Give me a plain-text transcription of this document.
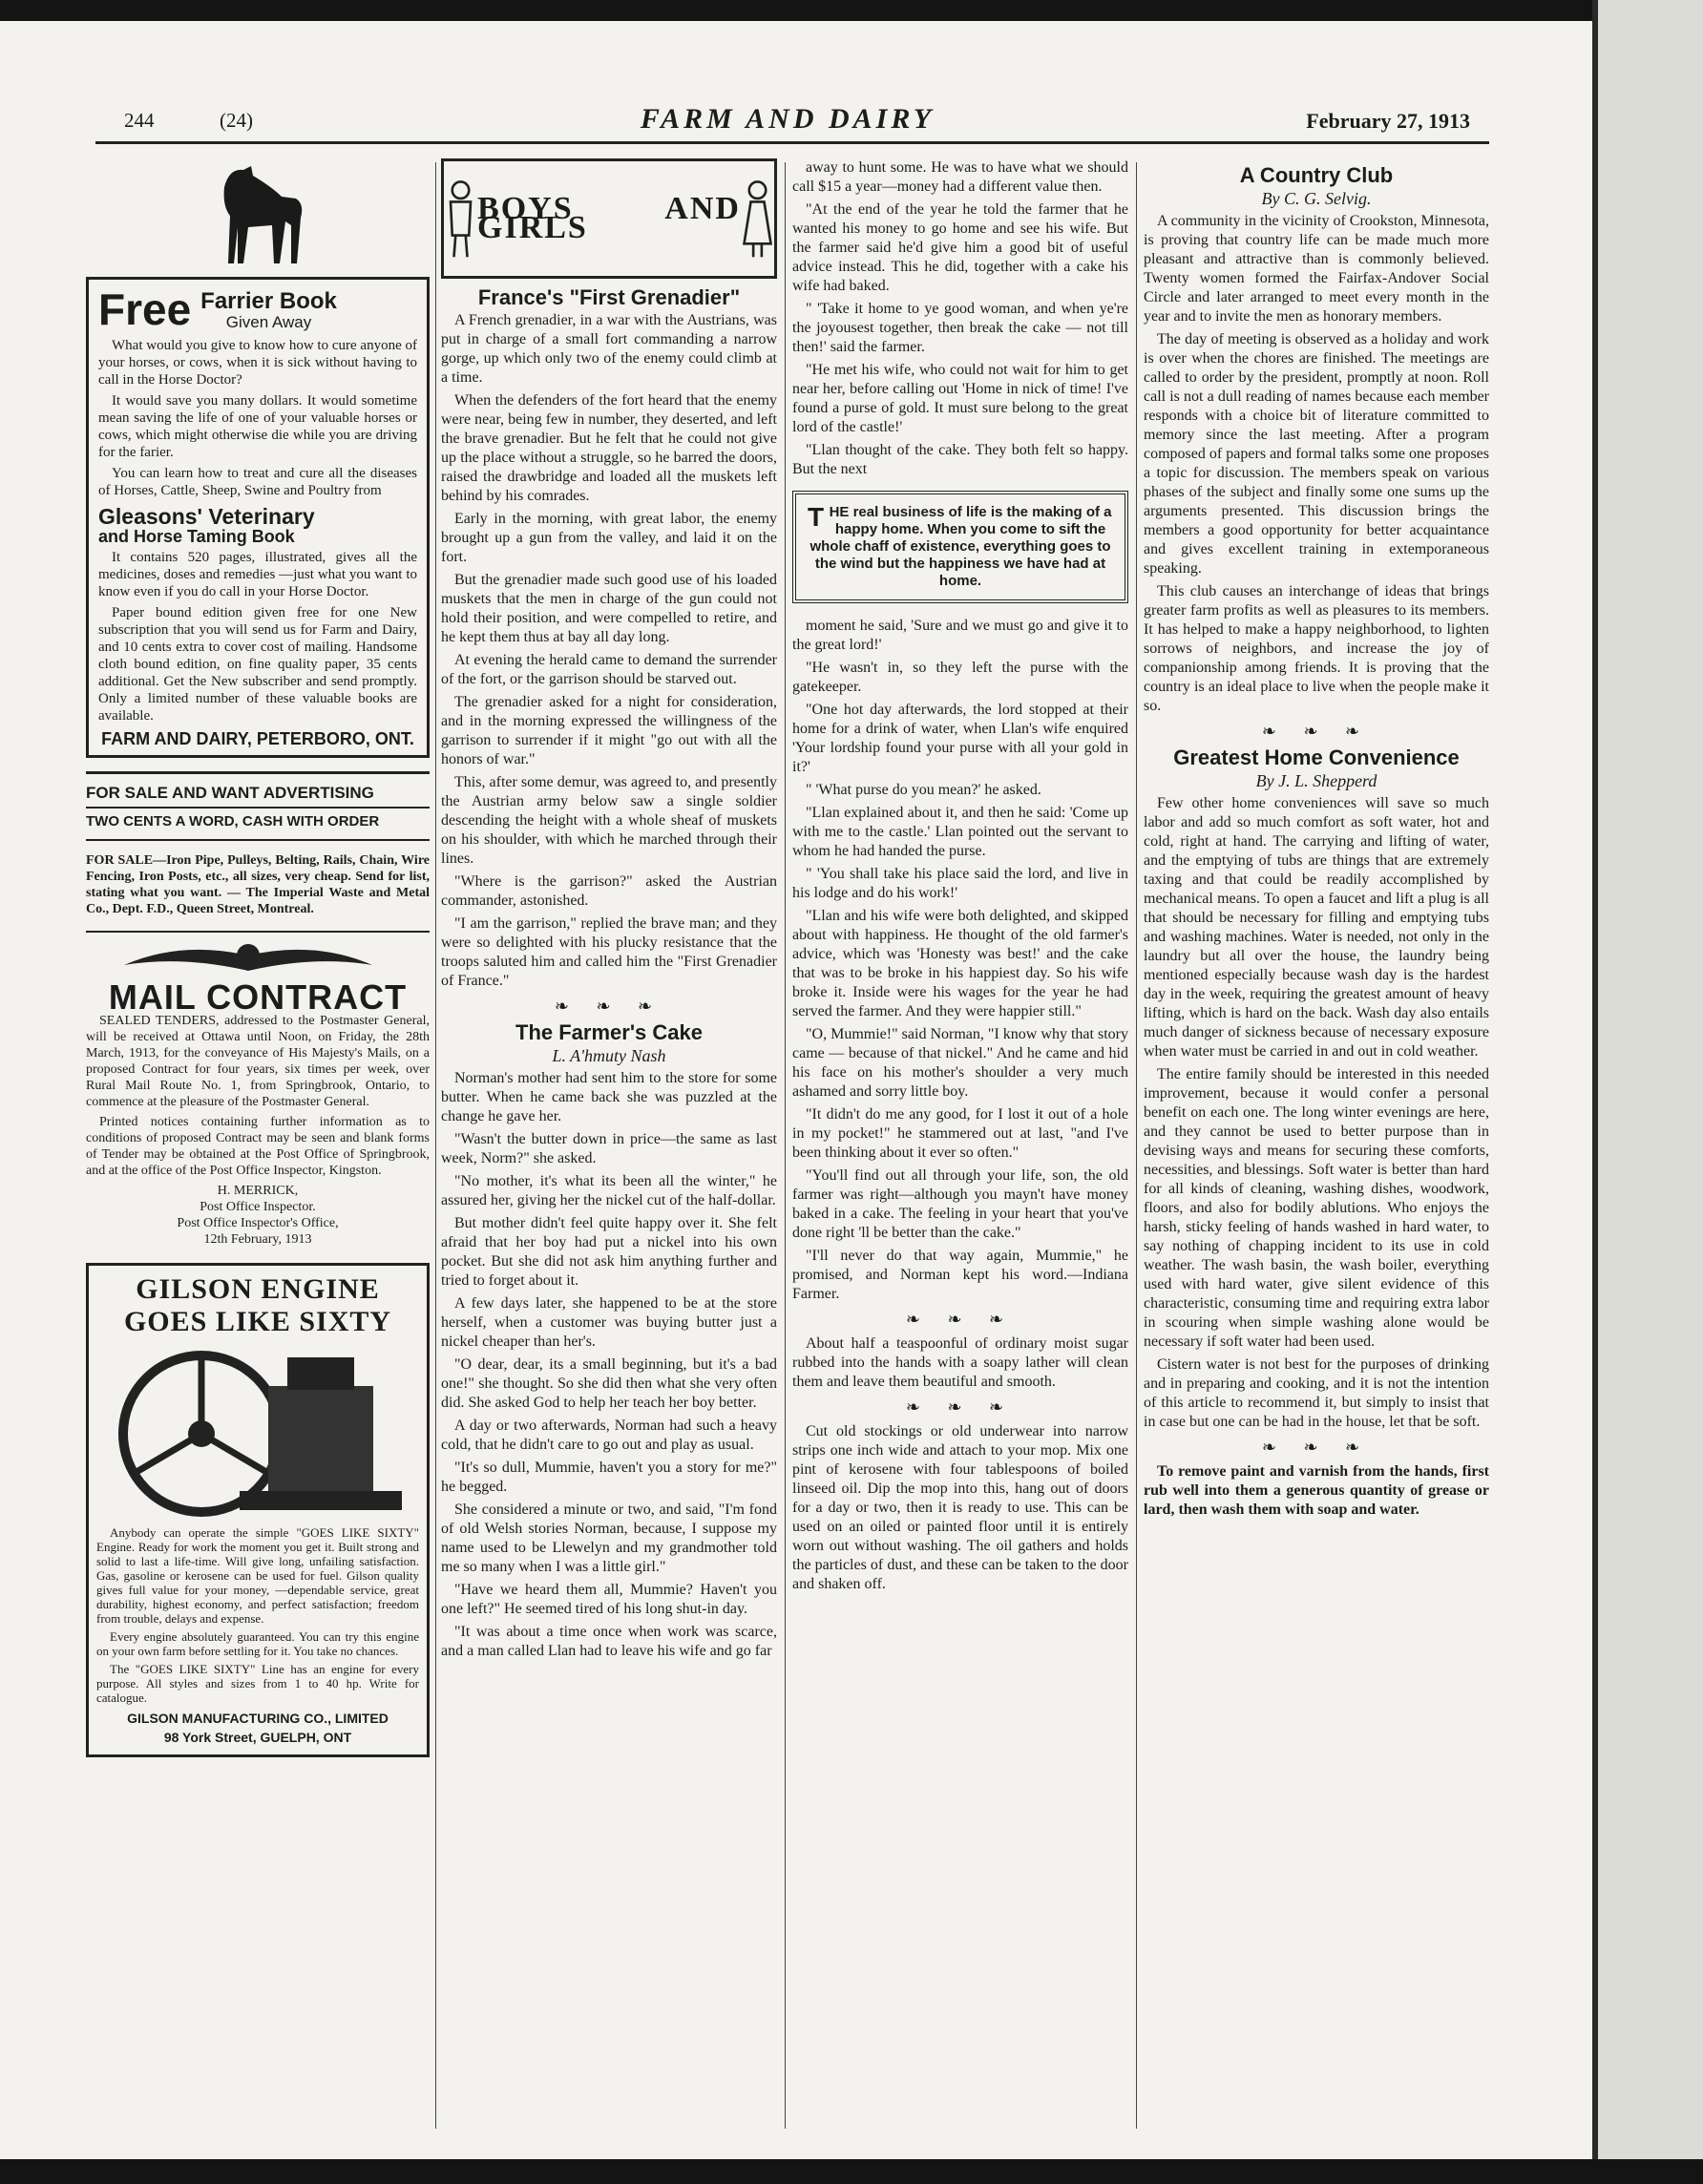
244	(24)	FARM AND DAIRY	February 27, 1913
Free Farrier Book
Given Away

What would you give to know how to cure anyone of your horses, or cows, when it is sick without having to call in the Horse Doctor?

It would save you many dollars. It would sometime mean saving the life of one of your valuable horses or cows, which might otherwise die while you are driving for the farier.

You can learn how to treat and cure all the diseases of Horses, Cattle, Sheep, Swine and Poultry from

Gleasons' Veterinary
and Horse Taming Book

It contains 520 pages, illustrated, gives all the medicines, doses and remedies —just what you want to know even if you do call in your Horse Doctor.

Paper bound edition given free for one New subscription that you will send us for Farm and Dairy, and 10 cents extra to cover cost of mailing. Handsome cloth bound edition, on fine quality paper, 35 cents additional. Get the New subscriber and send promptly. Only a limited number of these valuable books are available.

FARM AND DAIRY, PETERBORO, ONT.
FOR SALE AND WANT ADVERTISING
TWO CENTS A WORD, CASH WITH ORDER

FOR SALE—Iron Pipe, Pulleys, Belting, Rails, Chain, Wire Fencing, Iron Posts, etc., all sizes, very cheap. Send for list, stating what you want. — The Imperial Waste and Metal Co., Dept. F.D., Queen Street, Montreal.

MAIL CONTRACT

SEALED TENDERS, addressed to the Postmaster General, will be received at Ottawa until Noon, on Friday, the 28th March, 1913, for the conveyance of His Majesty's Mails, on a proposed Contract for four years, six times per week, over Rural Mail Route No. 1, from Springbrook, Ontario, to commence at the pleasure of the Postmaster General.

Printed notices containing further information as to conditions of proposed Contract may be seen and blank forms of Tender may be obtained at the Post Office of Springbrook, and at the office of the Post Office Inspector, Kingston.

H. MERRICK,
Post Office Inspector.
Post Office Inspector's Office,
12th February, 1913
GILSON ENGINE
GOES LIKE SIXTY

Anybody can operate the simple "GOES LIKE SIXTY" Engine. Ready for work the moment you get it. Built strong and solid to last a life-time. Will give long, unfailing satisfaction. Gas, gasoline or kerosene can be used for fuel. Gilson quality gives full value for your money, —dependable service, great durability, highest economy, and perfect satisfaction; freedom from trouble, delays and expense.

Every engine absolutely guaranteed. You can try this engine on your own farm before settling for it. You take no chances.

The "GOES LIKE SIXTY" Line has an engine for every purpose. All styles and sizes from 1 to 40 hp. Write for catalogue.

GILSON MANUFACTURING CO., LIMITED
98 York Street, GUELPH, ONT
BOYS AND GIRLS
France's "First Grenadier"

A French grenadier, in a war with the Austrians, was put in charge of a small fort commanding a narrow gorge, up which only two of the enemy could climb at a time.

When the defenders of the fort heard that the enemy were near, being few in number, they deserted, and left the brave grenadier. But he felt that he could not give up the place without a struggle, so he barred the doors, raised the drawbridge and loaded all the muskets left behind by his comrades.

Early in the morning, with great labor, the enemy brought up a gun from the valley, and laid it on the fort.

But the grenadier made such good use of his loaded muskets that the men in charge of the gun could not hold their position, and were compelled to retire, and he kept them thus at bay all day long.

At evening the herald came to demand the surrender of the fort, or the garrison should be starved out.

The grenadier asked for a night for consideration, and in the morning expressed the willingness of the garrison to surrender if it might "go out with all the honors of war."

This, after some demur, was agreed to, and presently the Austrian army below saw a single soldier descending the height with a whole sheaf of muskets on his shoulder, with which he marched through their lines.

"Where is the garrison?" asked the Austrian commander, astonished.

"I am the garrison," replied the brave man; and they were so delighted with his plucky resistance that the troops saluted him and called him the "First Grenadier of France."

❧ ❧ ❧
The Farmer's Cake
L. A'hmuty Nash

Norman's mother had sent him to the store for some butter. When he came back she was puzzled at the change he gave her.

"Wasn't the butter down in price—the same as last week, Norm?" she asked.

"No mother, it's what its been all the winter," he assured her, giving her the nickel cut of the half-dollar.

But mother didn't feel quite happy over it. She felt afraid that her boy had put a nickel into his own pocket. But she did not ask him anything further and tried to forget about it.

A few days later, she happened to be at the store herself, when a customer was buying butter just a nickel cheaper than her's.

"O dear, dear, its a small beginning, but it's a bad one!" she thought. So she did then what she very often did. She asked God to help her teach her boy better.

A day or two afterwards, Norman had such a heavy cold, that he didn't care to go out and play as usual.

"It's so dull, Mummie, haven't you a story for me?" he begged.

She considered a minute or two, and said, "I'm fond of old Welsh stories Norman, because, I suppose my name used to be Llewelyn and my grandmother told me so many when I was a little girl."

"Have we heard them all, Mummie? Haven't you one left?" He seemed tired of his long shut-in day.

"It was about a time once when work was scarce, and a man called Llan had to leave his wife and go far

away to hunt some. He was to have what we should call $15 a year—money had a different value then.

"At the end of the year he told the farmer that he wanted his money to go home and see his wife. But the farmer said he'd give him a good bit of useful advice instead. This he did, together with a cake his wife had baked.

" 'Take it home to ye good woman, and when ye're the joyousest together, then break the cake — not till then!' said the farmer.

"He met his wife, who could not wait for him to get near her, before calling out 'Home in nick of time! I've found a purse of gold. It must sure belong to the great lord of the castle!'

"Llan thought of the cake. They both felt so happy. But the next

T HE real business of life is the making of a happy home. When you come to sift the whole chaff of existence, everything goes to the wind but the happiness we have had at home.

moment he said, 'Sure and we must go and give it to the great lord!'

"He wasn't in, so they left the purse with the gatekeeper.

"One hot day afterwards, the lord stopped at their home for a drink of water, when Llan's wife enquired 'Your lordship found your purse with all your gold in it?'

" 'What purse do you mean?' he asked.

"Llan explained about it, and then he said: 'Come up with me to the castle.' Llan pointed out the servant to whom he had handed the purse.

" 'You shall take his place said the lord, and live in his lodge and do his work!'

"Llan and his wife were both delighted, and skipped about with happiness. He thought of the old farmer's advice, which was 'Honesty was best!' and the cake that was to be broke in his happiest day. So his wife broke it. Inside were his wages for the year he had served the farmer. And they were happier still."

"O, Mummie!" said Norman, "I know why that story came — because of that nickel." And he came and hid his face on his mother's shoulder a very much ashamed and sorry little boy.

"It didn't do me any good, for I lost it out of a hole in my pocket!" he stammered out at last, "and I've been thinking about it ever so often."

"You'll find out all through your life, son, the old farmer was right—although you mayn't have money baked in a cake. The feeling in your heart that you've done right 'll be better than the cake."

"I'll never do that way again, Mummie," he promised, and Norman kept his word.—Indiana Farmer.

❧ ❧ ❧

About half a teaspoonful of ordinary moist sugar rubbed into the hands with a soapy lather will clean them and leave them beautiful and smooth.

❧ ❧ ❧

Cut old stockings or old underwear into narrow strips one inch wide and attach to your mop. Mix one pint of kerosene with four tablespoons of boiled linseed oil. Dip the mop into this, hang out of doors for a day or two, then it is ready to use. This can be used on an oiled or painted floor until it is entirely worn out without washing. The oil gathers and holds the particles of dust, and these can be taken to the door and shaken off.

A Country Club
By C. G. Selvig.

A community in the vicinity of Crookston, Minnesota, is proving that country life can be made much more pleasant and attractive than is commonly believed. Twenty women formed the Fairfax-Andover Social Circle and later arranged to meet every month in the year and to invite the men as honorary members.

The day of meeting is observed as a holiday and work is over when the chores are finished. The meetings are called to order by the president, promptly at noon. Roll call is not a dull reading of names because each member responds with a choice bit of literature committed to memory since the last meeting. After a program composed of papers and formal talks some one proposes a topic for discussion. The members speak on various phases of the subject and finally some one sums up the arguments presented. This discussion brings the members a good opportunity for better acquaintance and gives excellent training in extemporaneous speaking.

This club causes an interchange of ideas that brings greater farm profits as well as pleasures to its members. It has helped to make a happy neighborhood, to lighten sorrows of neighbors, and increase the joy of companionship among friends. It is proving that the country is an ideal place to live when the people make it so.

❧ ❧ ❧
Greatest Home Convenience
By J. L. Shepperd

Few other home conveniences will save so much labor and add so much comfort as soft water, hot and cold, right at hand. The carrying and lifting of water, and the emptying of tubs are things that are extremely taxing and that could be readily accomplished by mechanical means. To open a faucet and lift a plug is all that should be necessary for filling and emptying tubs and washing machines. Water is needed, not only in the laundry but all over the house, the laundry being mentioned especially because wash day is the hardest day in the week, requiring the greatest amount of heavy lifting, which is hard on the back. Wash day also entails much danger of sickness because of necessary exposure when water must be carried in and out in cold weather.

The entire family should be interested in this needed improvement, because it would confer a personal benefit on each one. The long winter evenings are here, and they cannot be used to better purpose than in devising ways and means for securing these comforts, necessities, and blessings. Soft water is better than hard for all kinds of cleaning, washing dishes, woodwork, floors, and also for bodily ablutions. Who enjoys the harsh, sticky feeling of hands washed in hard water, to say nothing of chapping incident to its use in cold weather. The wash basin, the wash boiler, everything used with hard water, give silent evidence of this characteristic, consuming time and requiring extra labor in scouring when simple washing alone would be necessary if soft water had been used.

Cistern water is not best for the purposes of drinking and in preparing and cooking, and it is not the intention of this article to recommend it, but simply to insist that in case but one can be had in the house, let that be soft.

❧ ❧ ❧

To remove paint and varnish from the hands, first rub well into them a generous quantity of grease or lard, then wash them with soap and water.
